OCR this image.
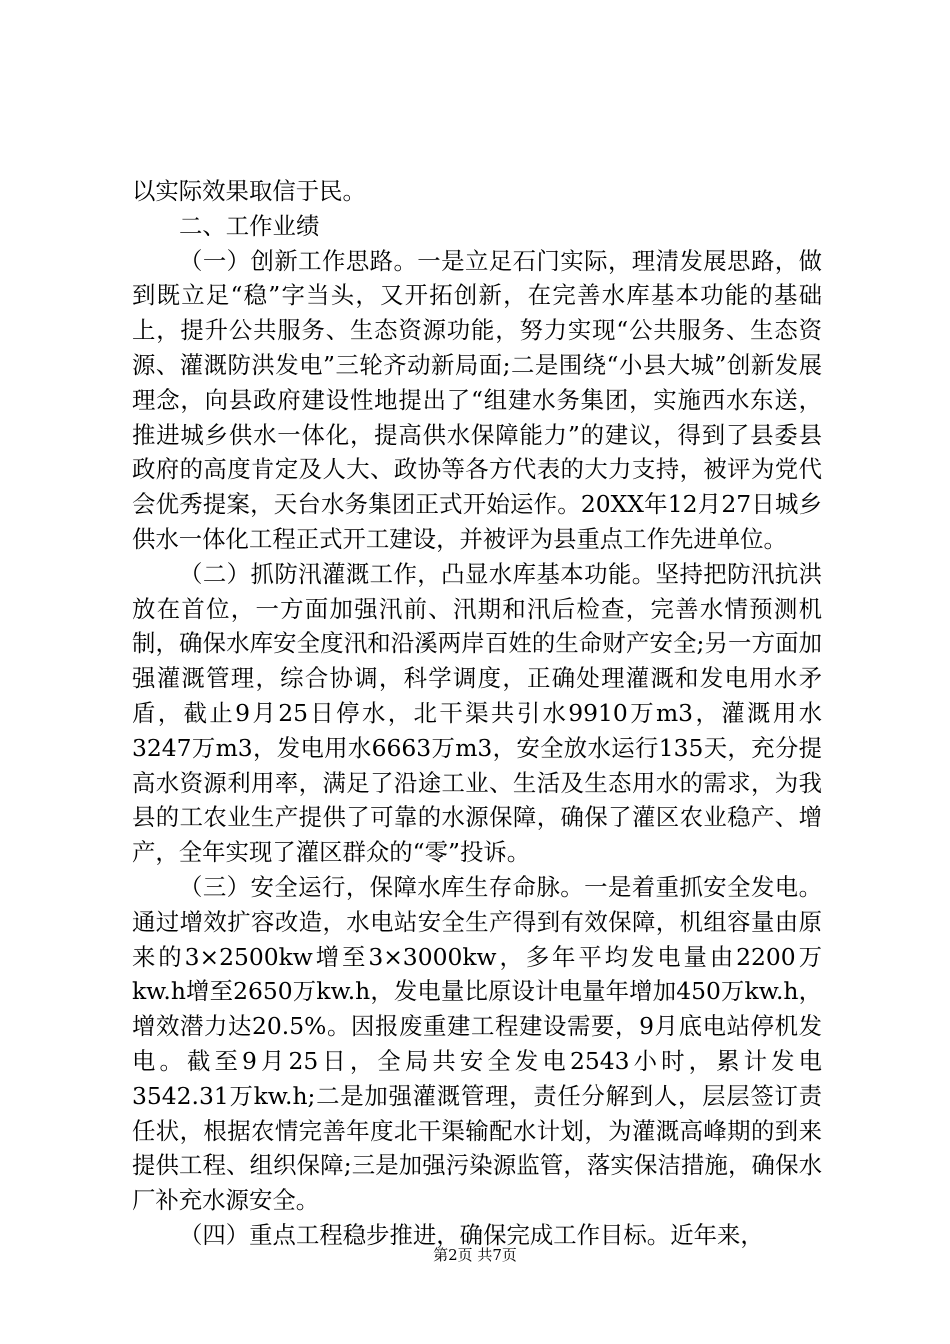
以实际效果取信于民。

二、工作业绩

（一）创新工作思路。一是立足石门实际，理清发展思路，做到既立足“稳”字当头，又开拓创新，在完善水库基本功能的基础上，提升公共服务、生态资源功能，努力实现“公共服务、生态资源、灌溉防洪发电”三轮齐动新局面;二是围绕“小县大城”创新发展理念，向县政府建设性地提出了“组建水务集团，实施西水东送，推进城乡供水一体化，提高供水保障能力”的建议，得到了县委县政府的高度肯定及人大、政协等各方代表的大力支持，被评为党代会优秀提案，天台水务集团正式开始运作。20XX年12月27日城乡供水一体化工程正式开工建设，并被评为县重点工作先进单位。

（二）抓防汛灌溉工作，凸显水库基本功能。坚持把防汛抗洪放在首位，一方面加强汛前、汛期和汛后检查，完善水情预测机制，确保水库安全度汛和沿溪两岸百姓的生命财产安全;另一方面加强灌溉管理，综合协调，科学调度，正确处理灌溉和发电用水矛盾，截止9月25日停水，北干渠共引水9910万m3，灌溉用水3247万m3，发电用水6663万m3，安全放水运行135天，充分提高水资源利用率，满足了沿途工业、生活及生态用水的需求，为我县的工农业生产提供了可靠的水源保障，确保了灌区农业稳产、增产，全年实现了灌区群众的“零”投诉。

（三）安全运行，保障水库生存命脉。一是着重抓安全发电。通过增效扩容改造，水电站安全生产得到有效保障，机组容量由原来的3×2500kw增至3×3000kw，多年平均发电量由2200万kw.h增至2650万kw.h，发电量比原设计电量年增加450万kw.h，增效潜力达20.5%。因报废重建工程建设需要，9月底电站停机发电。截至9月25日，全局共安全发电2543小时，累计发电3542.31万kw.h;二是加强灌溉管理，责任分解到人，层层签订责任状，根据农情完善年度北干渠输配水计划，为灌溉高峰期的到来提供工程、组织保障;三是加强污染源监管，落实保洁措施，确保水厂补充水源安全。

（四）重点工程稳步推进，确保完成工作目标。近年来，

第2页 共7页
